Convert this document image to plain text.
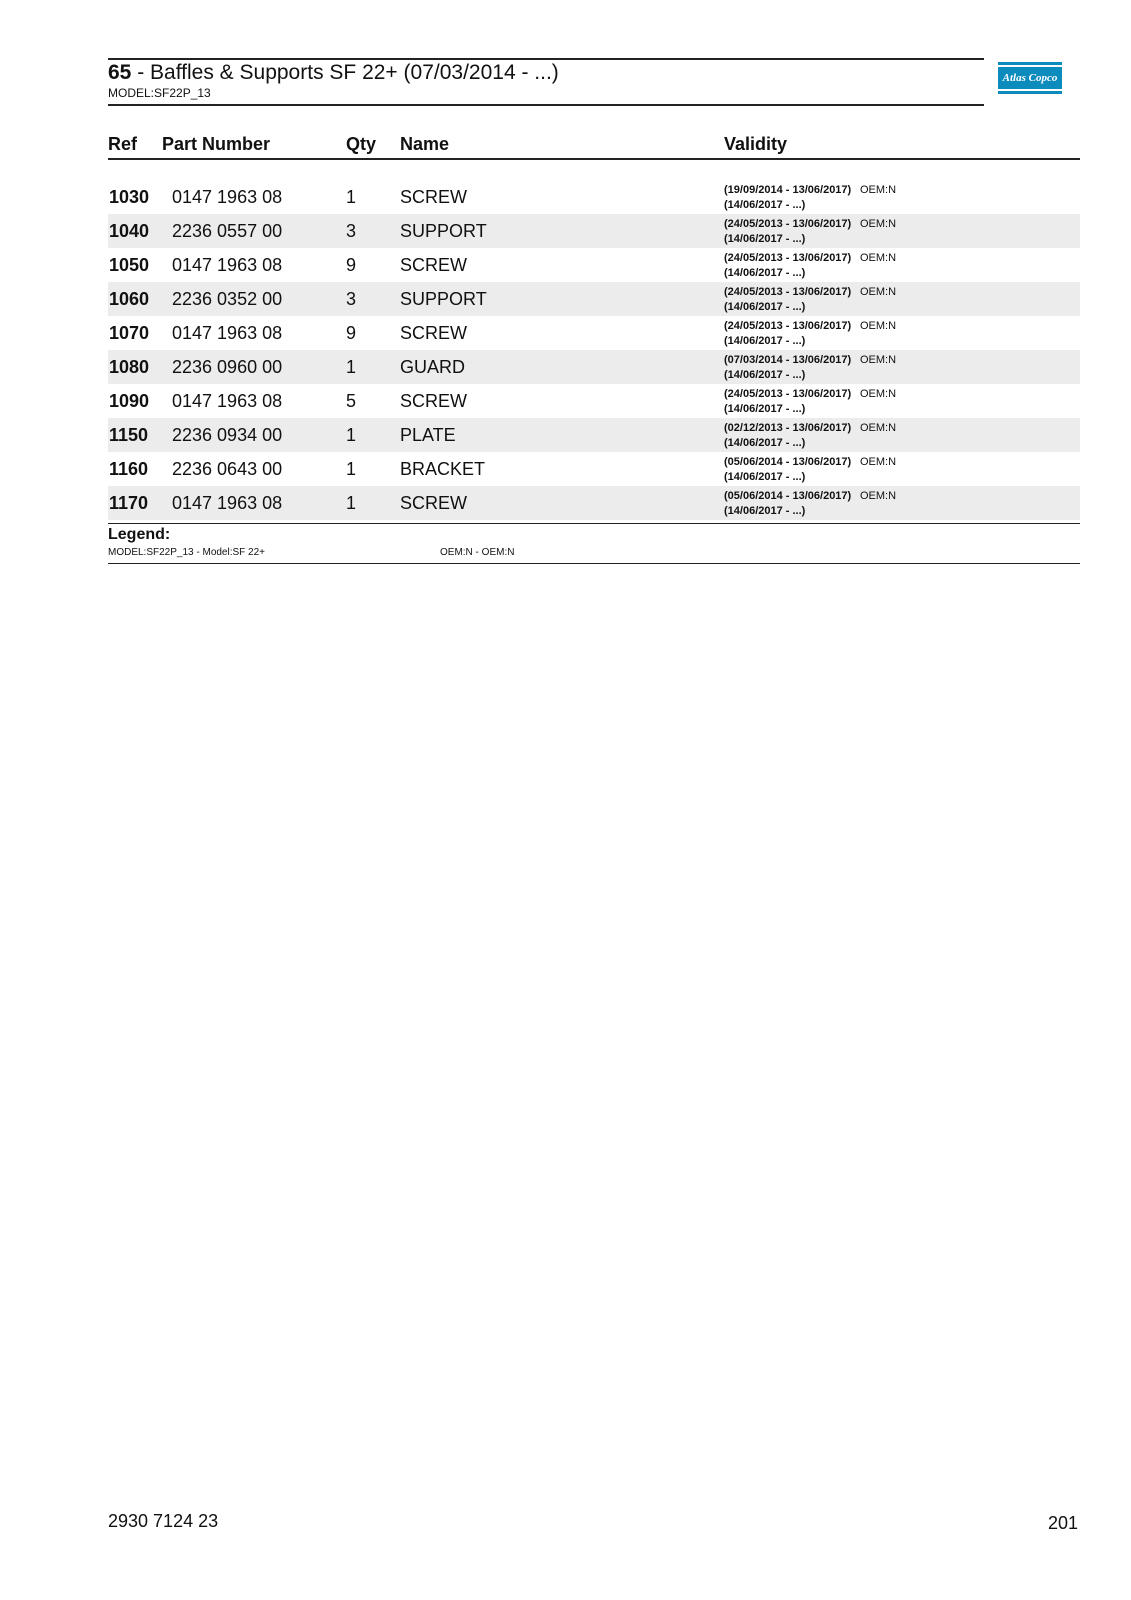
65 - Baffles & Supports SF 22+ (07/03/2014 - ...)
MODEL:SF22P_13
Atlas Copco
Ref Part Number	Qty Name	Validity
1030 0147 1963 08	1 SCREW	(19/09/2014 - 13/06/2017) OEM:N
(14/06/2017 - ...)
1040 2236 0557 00	3 SUPPORT	(24/05/2013 - 13/06/2017) OEM:N
(14/06/2017 - ...)
1050 0147 1963 08	9 SCREW	(24/05/2013 - 13/06/2017) OEM:N
(14/06/2017 - ...)
1060 2236 0352 00	3 SUPPORT	(24/05/2013 - 13/06/2017) OEM:N
(14/06/2017 - ...)
1070 0147 1963 08	9 SCREW	(24/05/2013 - 13/06/2017) OEM:N
(14/06/2017 - ...)
1080 2236 0960 00	1 GUARD	(07/03/2014 - 13/06/2017) OEM:N
(14/06/2017 - ...)
1090 0147 1963 08	5 SCREW	(24/05/2013 - 13/06/2017) OEM:N
(14/06/2017 - ...)
1150 2236 0934 00	1 PLATE	(02/12/2013 - 13/06/2017) OEM:N
(14/06/2017 - ...)
1160 2236 0643 00	1 BRACKET	(05/06/2014 - 13/06/2017) OEM:N
(14/06/2017 - ...)
1170 0147 1963 08	1 SCREW	(05/06/2014 - 13/06/2017) OEM:N
(14/06/2017 - ...)
Legend:
MODEL:SF22P_13 - Model:SF 22+	OEM:N - OEM:N
2930 7124 23	201
